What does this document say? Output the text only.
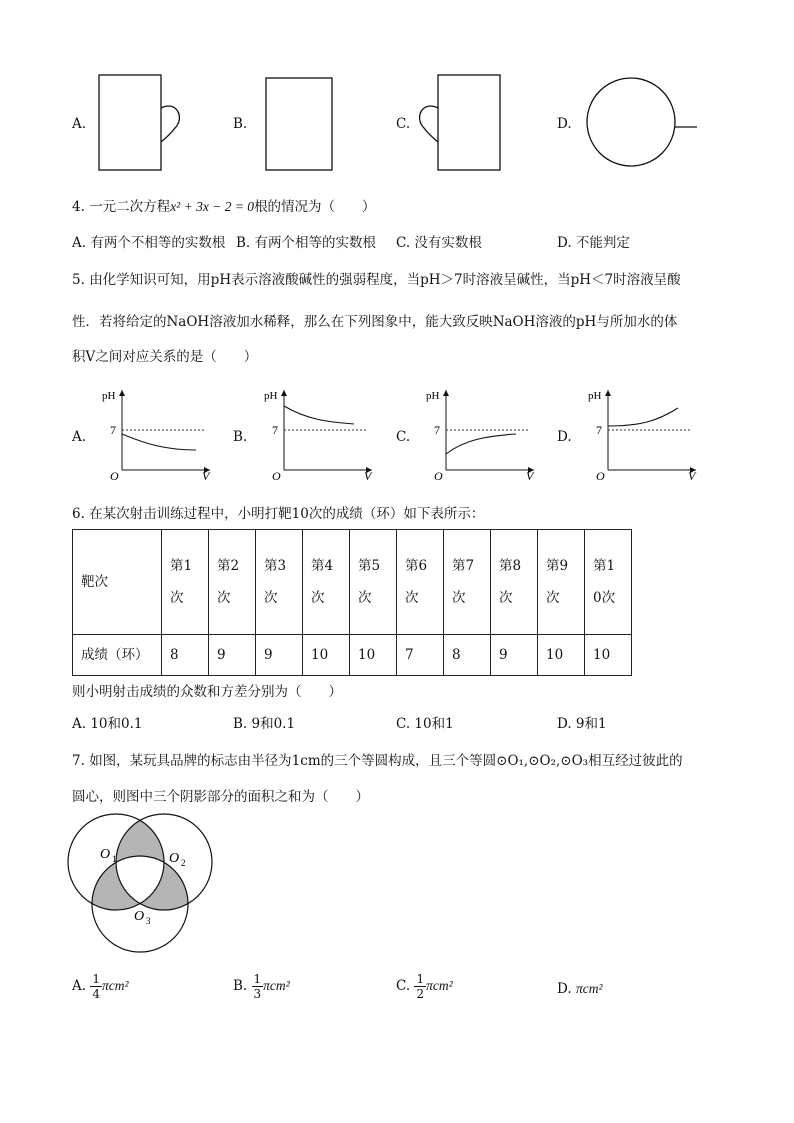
A.	B.	C.	D.
4. 一元二次方程x² + 3x − 2 = 0根的情况为（　　）
A. 有两个不相等的实数根 B. 有两个相等的实数根 C. 没有实数根	D. 不能判定
5. 由化学知识可知，用pH表示溶液酸碱性的强弱程度，当pH＞7时溶液呈碱性，当pH＜7时溶液呈酸
性．若将给定的NaOH溶液加水稀释，那么在下列图象中，能大致反映NaOH溶液的pH与所加水的体
积V之间对应关系的是（　　）
A.
pH
7
O	V
B.
pH
7
O	V
C.
pH
7
O	V
D.
pH
7
O	V
6. 在某次射击训练过程中，小明打靶10次的成绩（环）如下表所示：
靶次	第1次	第2次	第3次	第4次	第5次	第6次	第7次	第8次	第9次	第10次
成绩（环）	8	9	9	10	10	7	8	9	10	10
则小明射击成绩的众数和方差分别为（　　）
A. 10和0.1	B. 9和0.1	C. 10和1	D. 9和1
7. 如图，某玩具品牌的标志由半径为1cm的三个等圆构成，且三个等圆⊙O₁,⊙O₂,⊙O₃相互经过彼此的
圆心，则图中三个阴影部分的面积之和为（　　）
O 1	O 2
O 3
A. $\frac{1}{4} \pi cm^2$	B. $\frac{1}{3} \pi cm^2$	C. $\frac{1}{2} \pi cm^2$	D. πcm²
